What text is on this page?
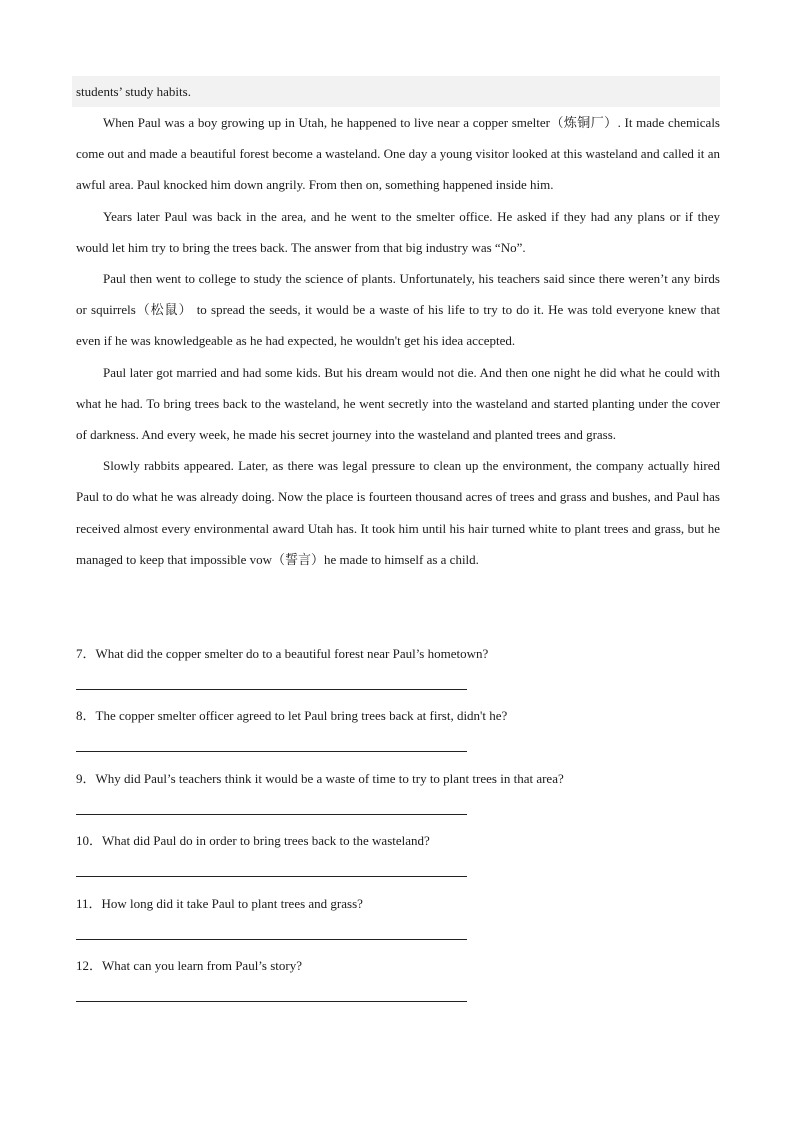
students’ study habits.

When Paul was a boy growing up in Utah, he happened to live near a copper smelter（炼铜厂）. It made chemicals come out and made a beautiful forest become a wasteland. One day a young visitor looked at this wasteland and called it an awful area. Paul knocked him down angrily. From then on, something happened inside him.

Years later Paul was back in the area, and he went to the smelter office. He asked if they had any plans or if they would let him try to bring the trees back. The answer from that big industry was “No”.

Paul then went to college to study the science of plants. Unfortunately, his teachers said since there weren’t any birds or squirrels（松鼠） to spread the seeds, it would be a waste of his life to try to do it. He was told everyone knew that even if he was knowledgeable as he had expected, he wouldn't get his idea accepted.

Paul later got married and had some kids. But his dream would not die. And then one night he did what he could with what he had. To bring trees back to the wasteland, he went secretly into the wasteland and started planting under the cover of darkness. And every week, he made his secret journey into the wasteland and planted trees and grass.

Slowly rabbits appeared. Later, as there was legal pressure to clean up the environment, the company actually hired Paul to do what he was already doing. Now the place is fourteen thousand acres of trees and grass and bushes, and Paul has received almost every environmental award Utah has. It took him until his hair turned white to plant trees and grass, but he managed to keep that impossible vow（誓言）he made to himself as a child.

7．What did the copper smelter do to a beautiful forest near Paul’s hometown?
8．The copper smelter officer agreed to let Paul bring trees back at first, didn't he?
9．Why did Paul’s teachers think it would be a waste of time to try to plant trees in that area?
10．What did Paul do in order to bring trees back to the wasteland?
11．How long did it take Paul to plant trees and grass?
12．What can you learn from Paul’s story?
